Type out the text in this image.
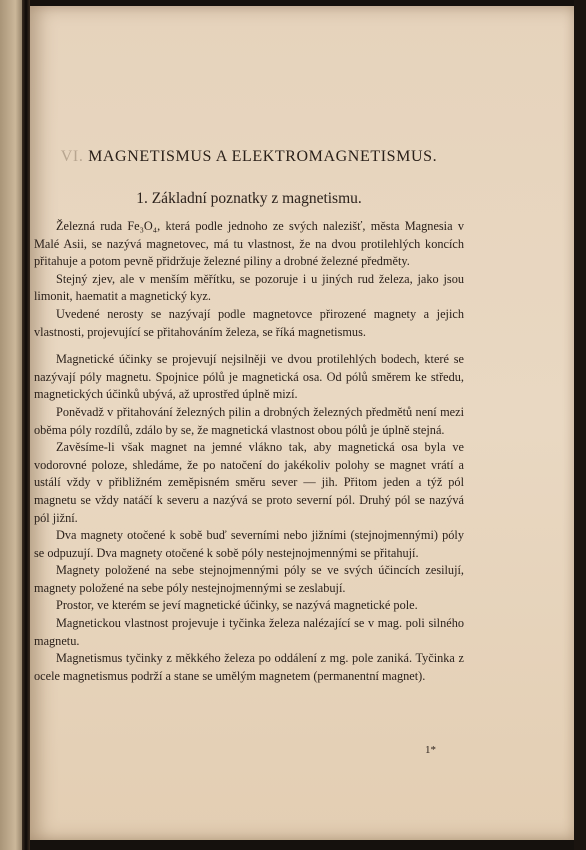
VI. MAGNETISMUS A ELEKTROMAGNETISMUS.
1. Základní poznatky z magnetismu.

Železná ruda Fe₃O₄, která podle jednoho ze svých nalezišť, města Magnesia v Malé Asii, se nazývá magnetovec, má tu vlastnost, že na dvou protilehlých koncích přitahuje a potom pevně přidržuje železné piliny a drobné železné předměty.

Stejný zjev, ale v menším měřítku, se pozoruje i u jiných rud železa, jako jsou limonit, haematit a magnetický kyz.

Uvedené nerosty se nazývají podle magnetovce přirozené magnety a jejich vlastnosti, projevující se přitahováním železa, se říká magnetismus.

Magnetické účinky se projevují nejsilněji ve dvou protilehlých bodech, které se nazývají póly magnetu. Spojnice pólů je magnetická osa. Od pólů směrem ke středu, magnetických účinků ubývá, až uprostřed úplně mizí.

Poněvadž v přitahování železných pilin a drobných železných předmětů není mezi oběma póly rozdílů, zdálo by se, že magnetická vlastnost obou pólů je úplně stejná.

Zavěsíme-li však magnet na jemné vlákno tak, aby magnetická osa byla ve vodorovné poloze, shledáme, že po natočení do jakékoliv polohy se magnet vrátí a ustálí vždy v přibližném zeměpisném směru sever — jih. Přitom jeden a týž pól magnetu se vždy natáčí k severu a nazývá se proto severní pól. Druhý pól se nazývá pól jižní.

Dva magnety otočené k sobě buď severními nebo jižními (stejnojmennými) póly se odpuzují. Dva magnety otočené k sobě póly nestejnojmennými se přitahují.

Magnety položené na sebe stejnojmennými póly se ve svých účincích zesilují, magnety položené na sebe póly nestejnojmennými se zeslabují.

Prostor, ve kterém se jeví magnetické účinky, se nazývá magnetické pole.

Magnetickou vlastnost projevuje i tyčinka železa nalézající se v mag. poli silného magnetu.

Magnetismus tyčinky z měkkého železa po oddálení z mg. pole zaniká. Tyčinka z ocele magnetismus podrží a stane se umělým magnetem (permanentní magnet).

1*
